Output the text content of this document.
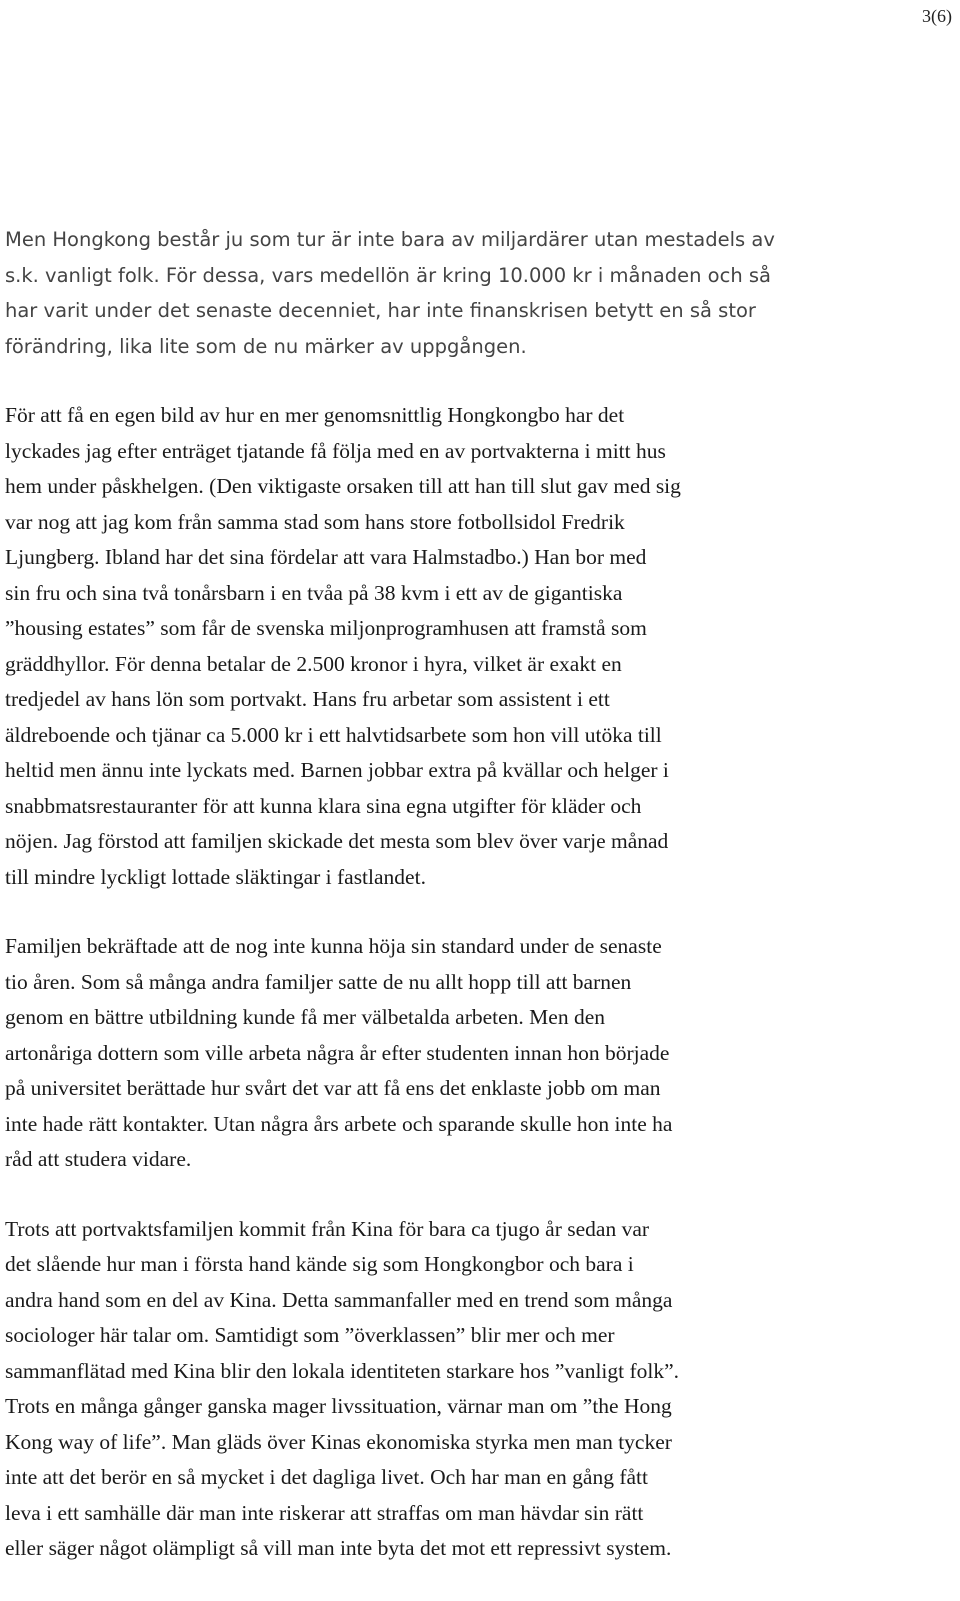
3(6)

Men Hongkong består ju som tur är inte bara av miljardärer utan mestadels av
s.k. vanligt folk. För dessa, vars medellön är kring 10.000 kr i månaden och så
har varit under det senaste decenniet, har inte finanskrisen betytt en så stor
förändring, lika lite som de nu märker av uppgången.

För att få en egen bild av hur en mer genomsnittlig Hongkongbo har det
lyckades jag efter enträget tjatande få följa med en av portvakterna i mitt hus
hem under påskhelgen. (Den viktigaste orsaken till att han till slut gav med sig
var nog att jag kom från samma stad som hans store fotbollsidol Fredrik
Ljungberg. Ibland har det sina fördelar att vara Halmstadbo.) Han bor med
sin fru och sina två tonårsbarn i en tvåa på 38 kvm i ett av de gigantiska
”housing estates” som får de svenska miljonprogramhusen att framstå som
gräddhyllor. För denna betalar de 2.500 kronor i hyra, vilket är exakt en
tredjedel av hans lön som portvakt. Hans fru arbetar som assistent i ett
äldreboende och tjänar ca 5.000 kr i ett halvtidsarbete som hon vill utöka till
heltid men ännu inte lyckats med. Barnen jobbar extra på kvällar och helger i
snabbmatsrestauranter för att kunna klara sina egna utgifter för kläder och
nöjen. Jag förstod att familjen skickade det mesta som blev över varje månad
till mindre lyckligt lottade släktingar i fastlandet.

Familjen bekräftade att de nog inte kunna höja sin standard under de senaste
tio åren. Som så många andra familjer satte de nu allt hopp till att barnen
genom en bättre utbildning kunde få mer välbetalda arbeten. Men den
artonåriga dottern som ville arbeta några år efter studenten innan hon började
på universitet berättade hur svårt det var att få ens det enklaste jobb om man
inte hade rätt kontakter. Utan några års arbete och sparande skulle hon inte ha
råd att studera vidare.

Trots att portvaktsfamiljen kommit från Kina för bara ca tjugo år sedan var
det slående hur man i första hand kände sig som Hongkongbor och bara i
andra hand som en del av Kina. Detta sammanfaller med en trend som många
sociologer här talar om. Samtidigt som ”överklassen” blir mer och mer
sammanflätad med Kina blir den lokala identiteten starkare hos ”vanligt folk”.
Trots en många gånger ganska mager livssituation, värnar man om ”the Hong
Kong way of life”. Man gläds över Kinas ekonomiska styrka men man tycker
inte att det berör en så mycket i det dagliga livet. Och har man en gång fått
leva i ett samhälle där man inte riskerar att straffas om man hävdar sin rätt
eller säger något olämpligt så vill man inte byta det mot ett repressivt system.
